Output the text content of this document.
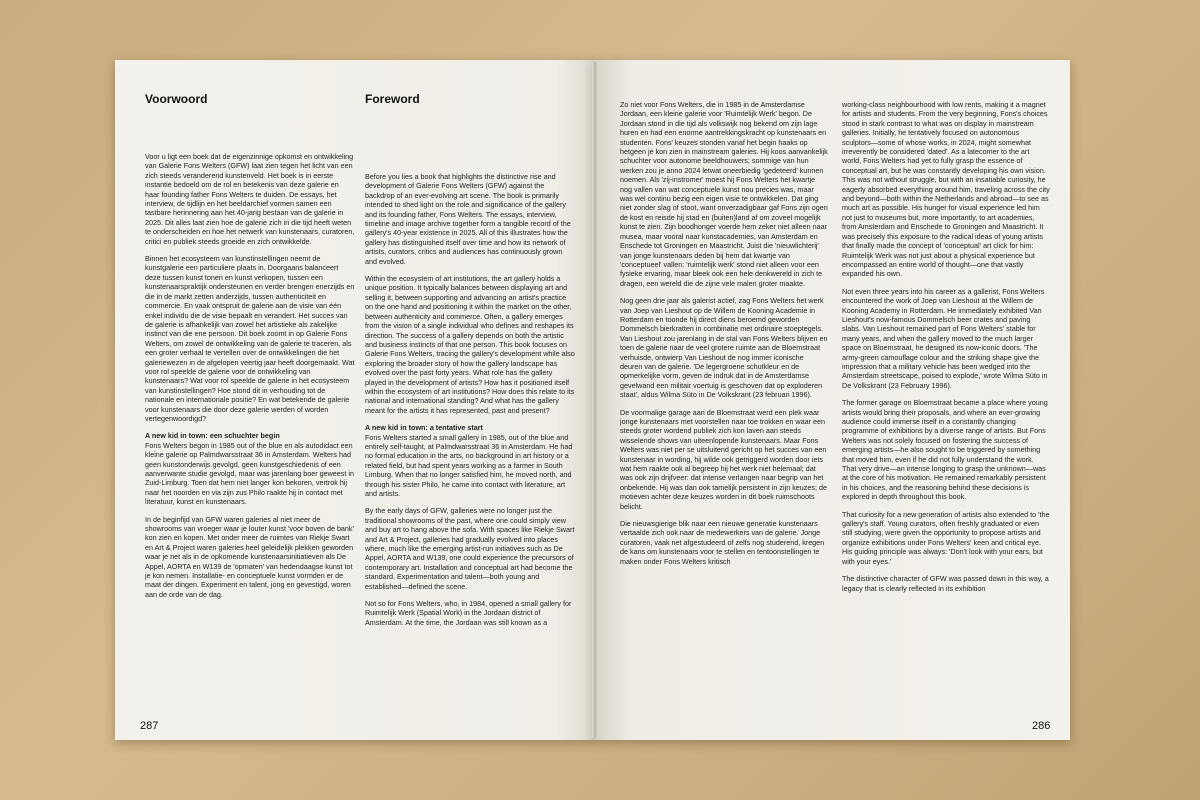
Voorwoord	Foreword

Voor u ligt een boek dat de eigenzinnige opkomst en ontwikkeling van Galerie Fons Welters (GFW) laat zien tegen het licht van een zich steeds veranderend kunstenveld. Het boek is in eerste instantie bedoeld om de rol en betekenis van deze galerie en haar founding father Fons Welters te duiden. De essays, het interview, de tijdlijn en het beeldarchief vormen samen een tastbare herinnering aan het 40-jarig bestaan van de galerie in 2025. Dit alles laat zien hoe de galerie zich in die tijd heeft weten te onderscheiden en hoe het netwerk van kunstenaars, curatoren, critici en publiek steeds groeide en zich ontwikkelde.

Binnen het ecosysteem van kunstinstellingen neemt de kunstgalerie een particuliere plaats in. Doorgaans balanceert deze tussen kunst tonen en kunst verkopen, tussen een kunstenaarspraktijk ondersteunen en verder brengen enerzijds en die in de markt zetten anderzijds, tussen authenticiteit en commercie. En vaak ontspruit de galerie aan de visie van één enkel individu die de visie bepaalt en verandert. Het succes van de galerie is afhankelijk van zowel het artistieke als zakelijke instinct van die ene persoon. Dit boek zoomt in op Galerie Fons Welters, om zowel de ontwikkeling van de galerie te traceren, als een groter verhaal te vertellen over de ontwikkelingen die het galeriewezen in de afgelopen veertig jaar heeft doorgemaakt. Wat voor rol speelde de galerie voor de ontwikkeling van kunstenaars? Wat voor rol speelde de galerie in het ecosysteem van kunstinstellingen? Hoe stond dit in verhouding tot de nationale en internationale positie? En wat betekende de galerie voor kunstenaars die door deze galerie werden of worden vertegenwoordigd?

A new kid in town: een schuchter begin

Fons Welters begon in 1985 out of the blue en als autodidact een kleine galerie op Palmdwarsstraat 36 in Amsterdam. Welters had geen kunstonderwijs gevolgd, geen kunstgeschiedenis of een aanverwante studie gevolgd, maar was jarenlang boer geweest in Zuid-Limburg. Toen dat hem niet langer kon bekoren, vertrok hij naar het noorden en via zijn zus Philo raakte hij in contact met literatuur, kunst en kunstenaars.

In de beginfijd van GFW waren galeries al niet meer de showrooms van vroeger waar je louter kunst 'voor boven de bank' kon zien en kopen. Met onder meer de ruimtes van Riekje Swart en Art & Project waren galeries heel geleidelijk plekken geworden waar je net als in de opkomende kunstenaarsinitiatieven als De Appel, AORTA en W139 de 'opmaten' van hedendaagse kunst tot je kon nemen. Installatie- en conceptuele kunst vormden er de maat der dingen. Experiment en talent, jong en gevestigd, woren aan de orde van de dag.

Before you lies a book that highlights the distinctive rise and development of Galerie Fons Welters (GFW) against the backdrop of an ever-evolving art scene. The book is primarily intended to shed light on the role and significance of the gallery and its founding father, Fons Welters. The essays, interview, timeline and image archive together form a tangible record of the gallery's 40-year existence in 2025. All of this illustrates how the gallery has distinguished itself over time and how its network of artists, curators, critics and audiences has continuously grown and evolved.

Within the ecosystem of art institutions, the art gallery holds a unique position. It typically balances between displaying art and selling it, between supporting and advancing an artist's practice on the one hand and positioning it within the market on the other, between authenticity and commerce. Often, a gallery emerges from the vision of a single individual who defines and reshapes its direction. The success of a gallery depends on both the artistic and business instincts of that one person. This book focuses on Galerie Fons Welters, tracing the gallery's development while also exploring the broader story of how the gallery landscape has evolved over the past forty years. What role has the gallery played in the development of artists? How has it positioned itself within the ecosystem of art institutions? How does this relate to its national and international standing? And what has the gallery meant for the artists it has represented, past and present?

A new kid in town: a tentative start

Fons Welters started a small gallery in 1985, out of the blue and entirely self-taught, at Palmdwarsstraat 36 in Amsterdam. He had no formal education in the arts, no background in art history or a related field, but had spent years working as a farmer in South Limburg. When that no longer satisfied him, he moved north, and through his sister Philo, he came into contact with literature, art and artists.

By the early days of GFW, galleries were no longer just the traditional showrooms of the past, where one could simply view and buy art to hang above the sofa. With spaces like Riekje Swart and Art & Project, galleries had gradually evolved into places where, much like the emerging artist-run initiatives such as De Appel, AORTA and W139, one could experience the precursors of contemporary art. Installation and conceptual art had become the standard. Experimentation and talent—both young and established—defined the scene.

Not so for Fons Welters, who, in 1984, opened a small gallery for Ruimtelijk Werk (Spatial Work) in the Jordaan district of Amsterdam. At the time, the Jordaan was still known as a

Zo niet voor Fons Welters, die in 1985 in de Amsterdamse Jordaan, een kleine galerie voor 'Ruimtelijk Werk' begon. De Jordaan stond in die tijd als volkswijk nog bekend om zijn lage huren en had een enorme aantrekkingskracht op kunstenaars en studenten. Fons' keuzes stonden vanaf het begin haaks op hetgeen je kon zien in mainstream galeries. Hij koos aanvankelijk schuchter voor autonome beeldhouwers; sommige van hun werken zou je anno 2024 letwat oneerbiedig 'gedeteerd' kunnen noemen. Als 'zij-instromer' moest hij Fons Welters het kwartje nog vallen van wat conceptuele kunst nou precies was, maar was wel continu bezig een eigen visie te ontwikkelen. Dat ging niet zonder slag of stoot, want onverzadigbaar gaf Fons zijn ogen de kost en reisde hij stad en (buiten)land af om zoveel mogelijk kunst te zien. Zijn boodhonger voerde hem zeker niet alleen naar musea, maar vooral naar kunstacademies, van Amsterdam en Enschede tot Groningen en Maastricht. Juist die 'nieuwlichterij' van jonge kunstenaars deden bij hem dat kwartje van 'conceptueel' vallen: 'ruimtelijk werk' stond niet alleen voor een fysieke ervaring, maar bleek ook een hele denkwereld in zich te dragen, een wereld die de zijne vele malen groter maakte.

Nog geen drie jaar als galerist actief, zag Fons Welters het werk van Joep van Lieshout op de Willem de Kooning Academie in Rotterdam en toonde hij direct diens beroemd geworden Dommelsch bierkratten in combinatie met ordinaire stoeptegels. Van Lieshout zou jarenlang in de stal van Fons Welters blijven en toen de galerie naar de veel grotere ruimte aan de Bloemstraat verhuisde, ontwierp Van Lieshout de nog immer iconische deuren van de galerie. 'De legergroene schutkleur en de opmerkelijke vorm, geven de indruk dat in de Amsterdamse gevelwand een militair voertuig is geschoven dat op exploderen staat', aldus Wilma Süto in De Volkskrant (23 februari 1996).

De voormalige garage aan de Bloemstraat werd een plek waar jonge kunstenaars met voorstellen naar toe trokken en waar een steeds groter wordend publiek zich kon laven aan steeds wisselende shows van uiteenlopende kunstenaars. Maar Fons Welters was niet per se uitsluitend gericht op het succes van een kunstenaar in wording, hij wilde ook getriggerd worden door iets wat hem raakte ook al begreep hij het werk niet helemaal; dat was ook zijn drijfveer: dat intense verlangen naar begrip van het onbekende. Hij was dan ook tamelijk persistent in zijn keuzes; de motieven achter deze keuzes worden in dit boek ruimschoots belicht.

Die nieuwsgierige blik naar een nieuwe generatie kunstenaars vertaalde zich ook naar de medewerkers van de galerie. Jonge curatoren, vaak net afgestudeerd of zelfs nog studerend, kregen de kans om kunstenaars voor te stellen en tentoonstellingen te maken onder Fons Welters kritisch

working-class neighbourhood with low rents, making it a magnet for artists and students. From the very beginning, Fons's choices stood in stark contrast to what was on display in mainstream galleries. Initially, he tentatively focused on autonomous sculptors—some of whose works, in 2024, might somewhat irreverently be considered 'dated'. As a latecomer to the art world, Fons Welters had yet to fully grasp the essence of conceptual art, but he was constantly developing his own vision. This was not without struggle, but with an insatiable curiosity, he eagerly absorbed everything around him, traveling across the city and beyond—both within the Netherlands and abroad—to see as much art as possible. His hunger for visual experience led him not just to museums but, more importantly, to art academies, from Amsterdam and Enschede to Groningen and Maastricht. It was precisely this exposure to the radical ideas of young artists that finally made the concept of 'conceptual' art click for him: Ruimtelijk Werk was not just about a physical experience but encompassed an entire world of thought—one that vastly expanded his own.

Not even three years into his career as a gallerist, Fons Welters encountered the work of Joep van Lieshout at the Willem de Kooning Academy in Rotterdam. He immediately exhibited Van Lieshout's now-famous Dommelsch beer crates and paving slabs. Van Lieshout remained part of Fons Welters' stable for many years, and when the gallery moved to the much larger space on Bloemstraat, he designed its now-iconic doors. 'The army-green camouflage colour and the striking shape give the impression that a military vehicle has been wedged into the Amsterdam streetscape, poised to explode,' wrote Wilma Süto in De Volkskrant (23 February 1996).

The former garage on Bloemstraat became a place where young artists would bring their proposals, and where an ever-growing audience could immerse itself in a constantly changing programme of exhibitions by a diverse range of artists. But Fons Welters was not solely focused on fostering the success of emerging artists—he also sought to be triggered by something that moved him, even if he did not fully understand the work. That very drive—an intense longing to grasp the unknown—was at the core of his motivation. He remained remarkably persistent in his choices, and the reasoning behind these decisions is explored in depth throughout this book.

That curiosity for a new generation of artists also extended to 'the gallery's staff. Young curators, often freshly graduated or even still studying, were given the opportunity to propose artists and organize exhibitions under Fons Welters' keen and critical eye. His guiding principle was always: 'Don't look with your ears, but with your eyes.'

The distinctive character of GFW was passed down in this way, a legacy that is clearly reflected in its exhibition

287	286
